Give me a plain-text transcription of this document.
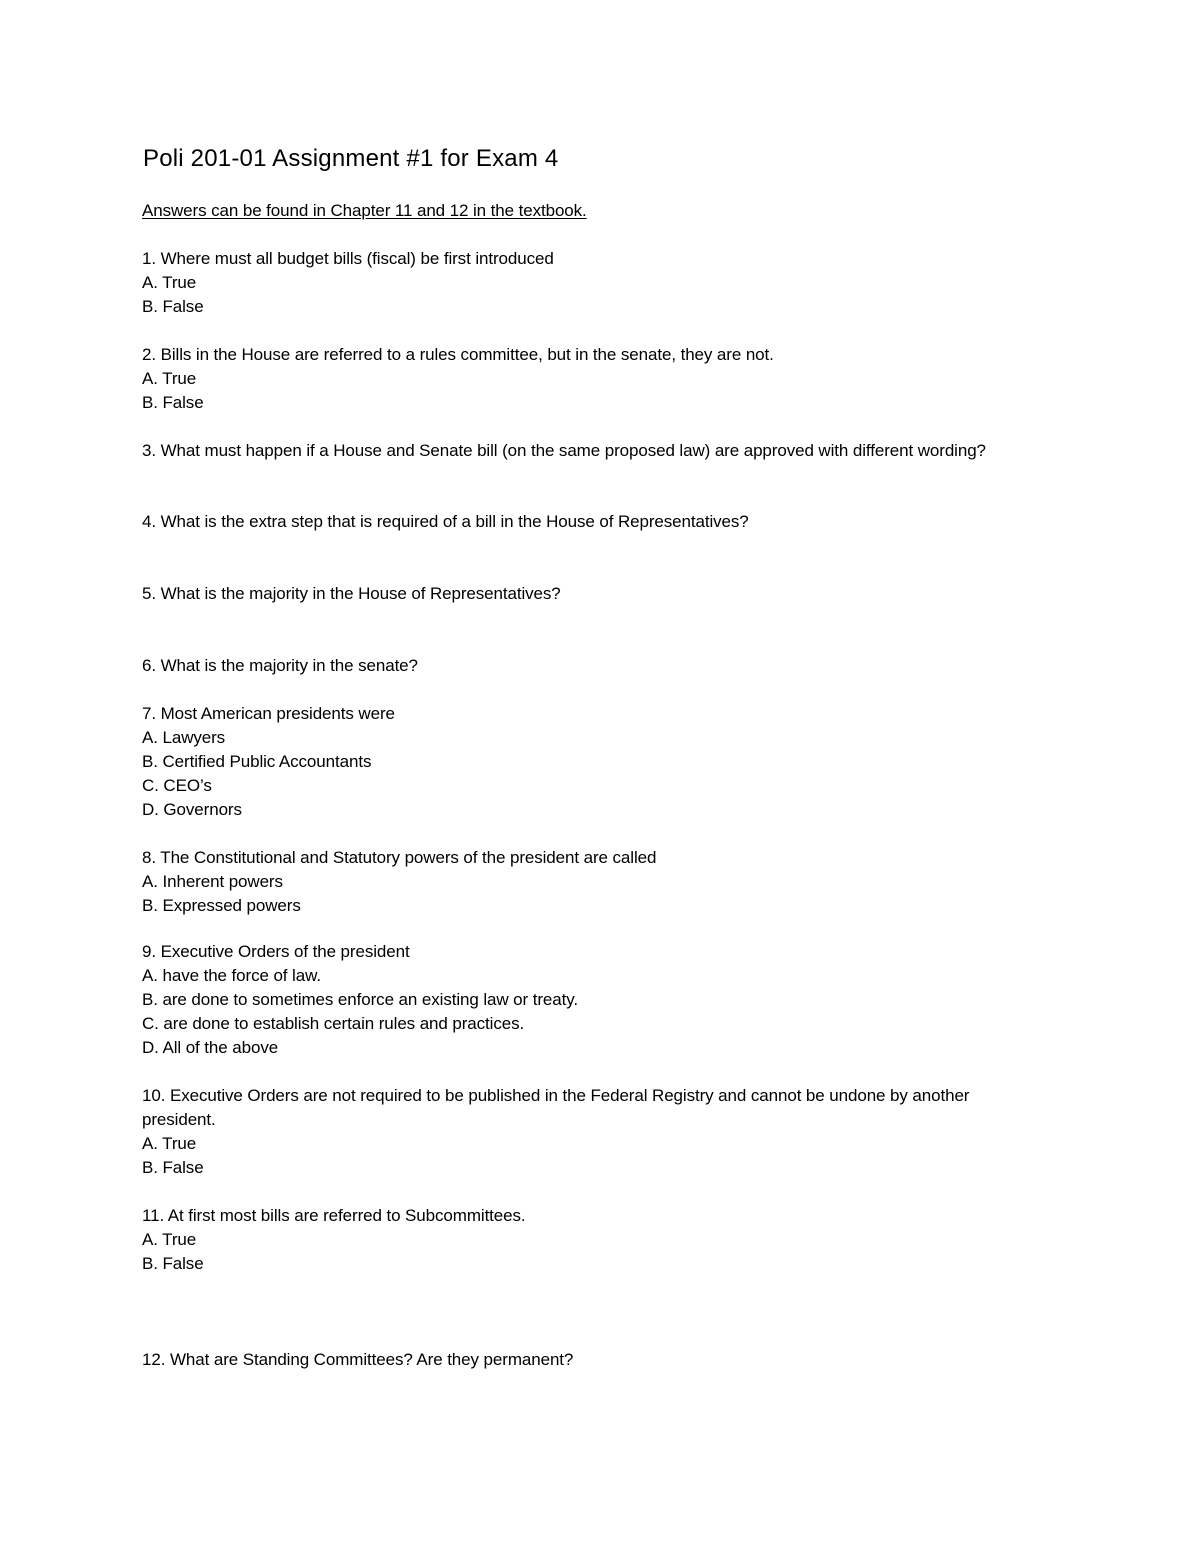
Poli 201-01 Assignment #1 for Exam 4
Answers can be found in Chapter 11 and 12 in the textbook.
1. Where must all budget bills (fiscal) be first introduced
A. True
B. False
2. Bills in the House are referred to a rules committee, but in the senate, they are not.
A. True
B. False
3. What must happen if a House and Senate bill (on the same proposed law) are approved with different wording?
4. What is the extra step that is required of a bill in the House of Representatives?
5. What is the majority in the House of Representatives?
6. What is the majority in the senate?
7. Most American presidents were
A. Lawyers
B. Certified Public Accountants
C. CEO’s
D. Governors
8. The Constitutional and Statutory powers of the president are called
A. Inherent powers
B. Expressed powers
9. Executive Orders of the president
A. have the force of law.
B. are done to sometimes enforce an existing law or treaty.
C. are done to establish certain rules and practices.
D. All of the above
10. Executive Orders are not required to be published in the Federal Registry and cannot be undone by another
president.
A. True
B. False
11. At first most bills are referred to Subcommittees.
A. True
B. False
12. What are Standing Committees? Are they permanent?
